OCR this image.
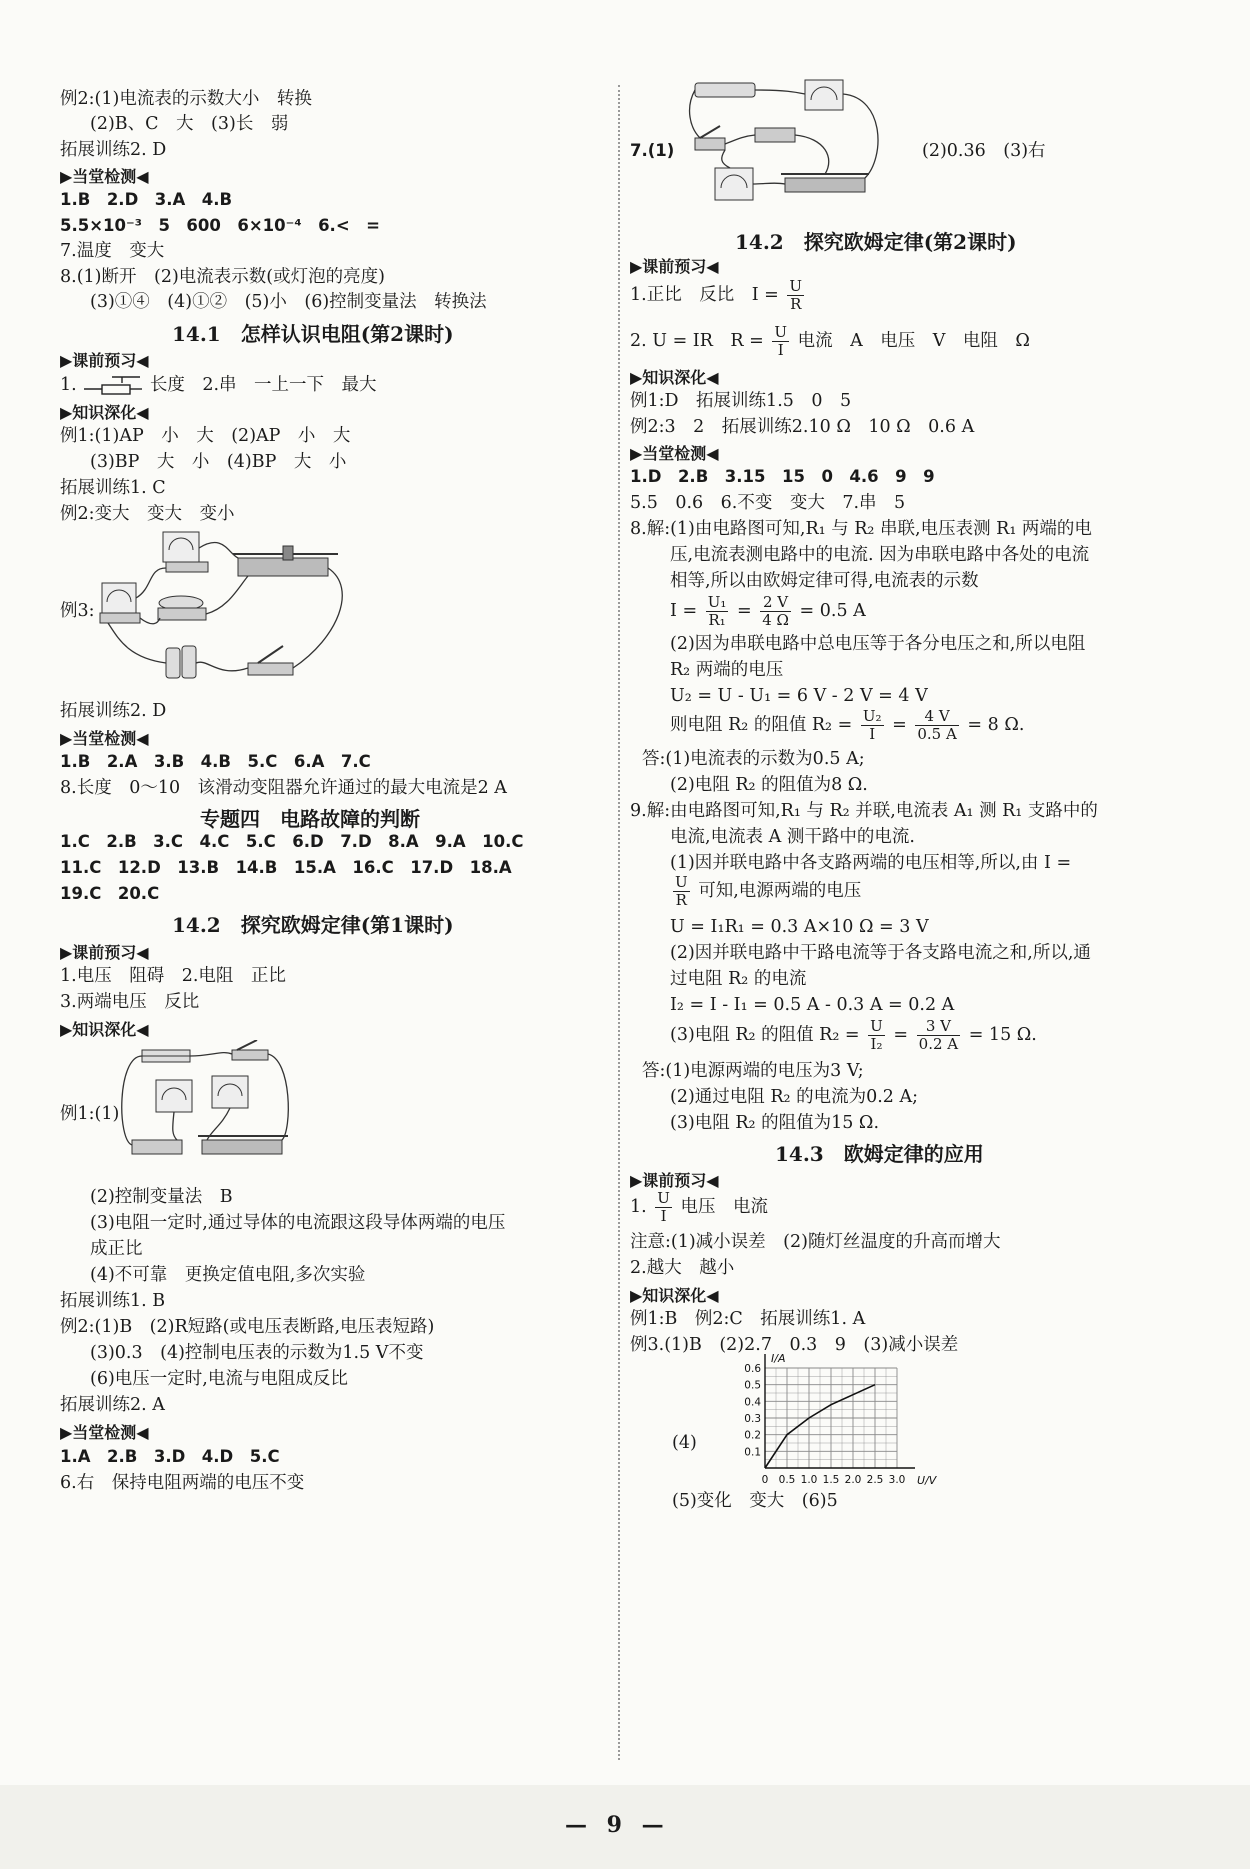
例2:(1)电流表的示数大小　转换
(2)B、C　大　(3)长　弱
拓展训练2. D
▶当堂检测◀
1.B　2.D　3.A　4.B
5.5×10⁻³　5　600　6×10⁻⁴　6.<　=
7.温度　变大
8.(1)断开　(2)电流表示数(或灯泡的亮度)
(3)①④　(4)①②　(5)小　(6)控制变量法　转换法
14.1　怎样认识电阻(第2课时)
▶课前预习◀
1.	长度　2.串　一上一下　最大
▶知识深化◀
例1:(1)AP　小　大　(2)AP　小　大
(3)BP　大　小　(4)BP　大　小
拓展训练1. C
例2:变大　变大　变小
例3:
拓展训练2. D
▶当堂检测◀
1.B　2.A　3.B　4.B　5.C　6.A　7.C
8.长度　0～10　该滑动变阻器允许通过的最大电流是2 A
专题四　电路故障的判断
1.C　2.B　3.C　4.C　5.C　6.D　7.D　8.A　9.A　10.C
11.C　12.D　13.B　14.B　15.A　16.C　17.D　18.A
19.C　20.C
14.2　探究欧姆定律(第1课时)
▶课前预习◀
1.电压　阻碍　2.电阻　正比
3.两端电压　反比
▶知识深化◀
例1:(1)
(2)控制变量法　B
(3)电阻一定时,通过导体的电流跟这段导体两端的电压
成正比
(4)不可靠　更换定值电阻,多次实验
拓展训练1. B
例2:(1)B　(2)R短路(或电压表断路,电压表短路)
(3)0.3　(4)控制电压表的示数为1.5 V不变
(6)电压一定时,电流与电阻成反比
拓展训练2. A
▶当堂检测◀
1.A　2.B　3.D　4.D　5.C
6.右　保持电阻两端的电压不变
7.(1)	(2)0.36　(3)右
14.2　探究欧姆定律(第2课时)
▶课前预习◀
1.正比　反比　$I = \frac{U}{R}$
2. U = IR　$R = \frac{U}{I}$ 电流　A　电压　V　电阻　Ω
▶知识深化◀
例1:D　拓展训练1.5　0　5
例2:3　2　拓展训练2.10 Ω　10 Ω　0.6 A
▶当堂检测◀
1.D　2.B　3.15　15　0　4.6　9　9
5.5　0.6　6.不变　变大　7.串　5
8.解:(1)由电路图可知,R₁ 与 R₂ 串联,电压表测 R₁ 两端的电
压,电流表测电路中的电流. 因为串联电路中各处的电流
相等,所以由欧姆定律可得,电流表的示数
$I = \frac{\text{U₁}}{\text{R₁}} = \frac{2 V}{4 \Omega} = 0.5$ A
(2)因为串联电路中总电压等于各分电压之和,所以电阻
R₂ 两端的电压
U₂ = U - U₁ = 6 V - 2 V = 4 V
则电阻 R₂ 的阻值 $R_2 = \frac{\text{U₂}}{I} = \frac{4 V}{0.5 A} = 8$ Ω.
答:(1)电流表的示数为0.5 A;
(2)电阻 R₂ 的阻值为8 Ω.
9.解:由电路图可知,R₁ 与 R₂ 并联,电流表 A₁ 测 R₁ 支路中的
电流,电流表 A 测干路中的电流.
(1)因并联电路中各支路两端的电压相等,所以,由 I =
$\frac{U}{R}$ 可知,电源两端的电压
U = I₁R₁ = 0.3 A×10 Ω = 3 V
(2)因并联电路中干路电流等于各支路电流之和,所以,通
过电阻 R₂ 的电流
I₂ = I - I₁ = 0.5 A - 0.3 A = 0.2 A
(3)电阻 R₂ 的阻值 $R_2 = \frac{U}{\text{I₂}} = \frac{3 V}{0.2 A} = 15$ Ω.
答:(1)电源两端的电压为3 V;
(2)通过电阻 R₂ 的电流为0.2 A;
(3)电阻 R₂ 的阻值为15 Ω.
14.3　欧姆定律的应用
▶课前预习◀
1. $\frac{U}{I}$ 电压　电流
注意:(1)减小误差　(2)随灯丝温度的升高而增大
2.越大　越小
▶知识深化◀
例1:B　例2:C　拓展训练1. A
例3.(1)B　(2)2.7　0.3　9　(3)减小误差
(4)
0 0.5 1.0 1.5 2.0 2.5 3.0
0.1
0.2
0.3
0.4
0.5
0.6
U/V
I/A
(5)变化　变大　(6)5
— 9 —
